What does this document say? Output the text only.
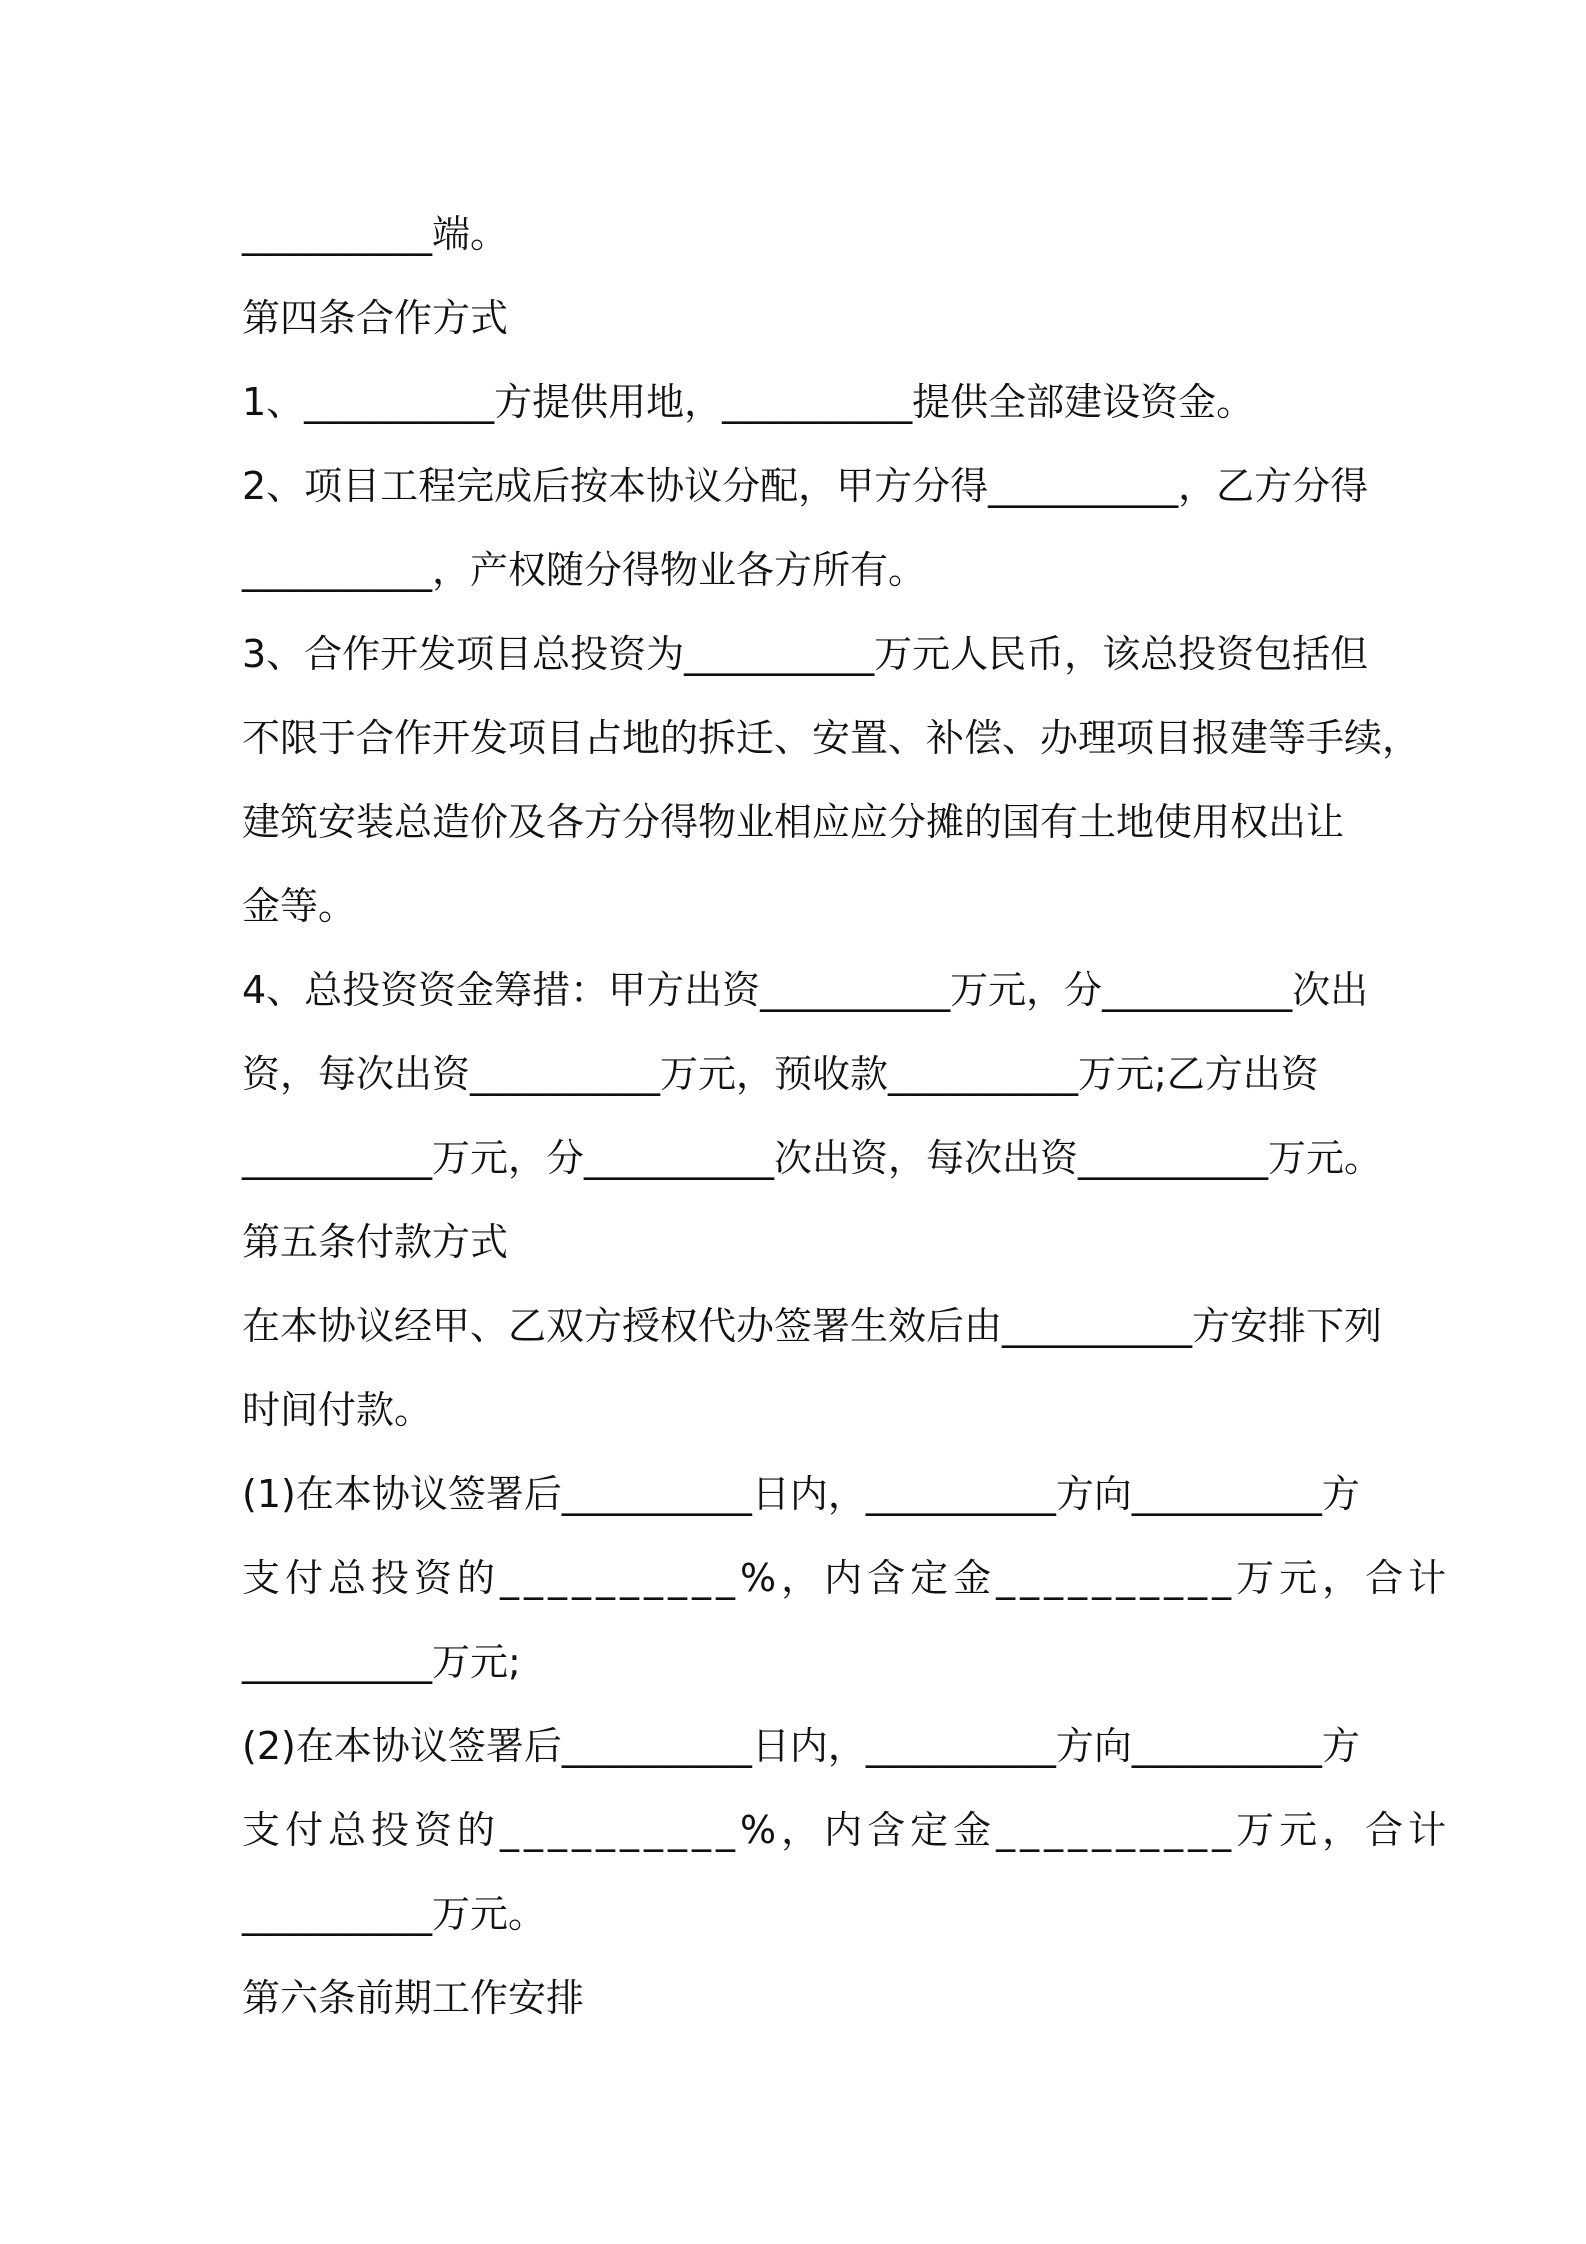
__________端。
第四条合作方式
1、__________方提供用地，__________提供全部建设资金。
2、项目工程完成后按本协议分配，甲方分得__________，乙方分得
__________，产权随分得物业各方所有。
3、合作开发项目总投资为__________万元人民币，该总投资包括但
不限于合作开发项目占地的拆迁、安置、补偿、办理项目报建等手续，
建筑安装总造价及各方分得物业相应应分摊的国有土地使用权出让
金等。
4、总投资资金筹措：甲方出资__________万元，分__________次出
资，每次出资__________万元，预收款__________万元;乙方出资
__________万元，分__________次出资，每次出资__________万元。
第五条付款方式
在本协议经甲、乙双方授权代办签署生效后由__________方安排下列
时间付款。
(1)在本协议签署后__________日内，__________方向__________方
支付总投资的__________%，内含定金__________万元，合计
__________万元;
(2)在本协议签署后__________日内，__________方向__________方
支付总投资的__________%，内含定金__________万元，合计
__________万元。
第六条前期工作安排
